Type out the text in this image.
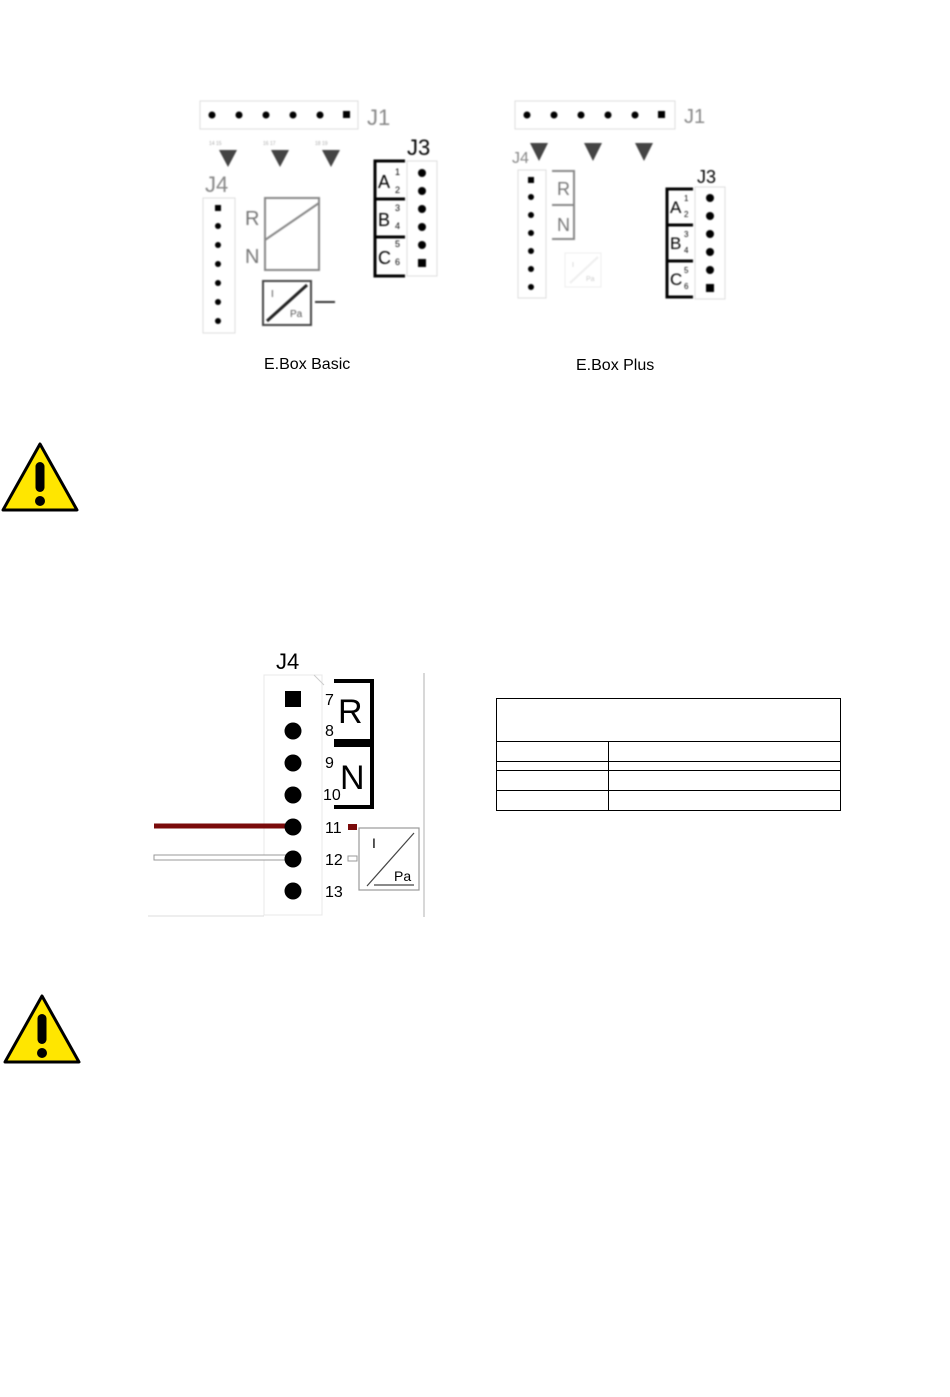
J1
14 15	16 17	18 19
J4
R
N
I
Pa
J3
A
B
C
1
2
3
4
5
6
E.Box Basic
J1
J4
R
N
I
Pa
J3
A
B
C
1
2
3
4
5
6
E.Box Plus
J4
7
8
9
10
11
12
13
R
N
I
Pa
